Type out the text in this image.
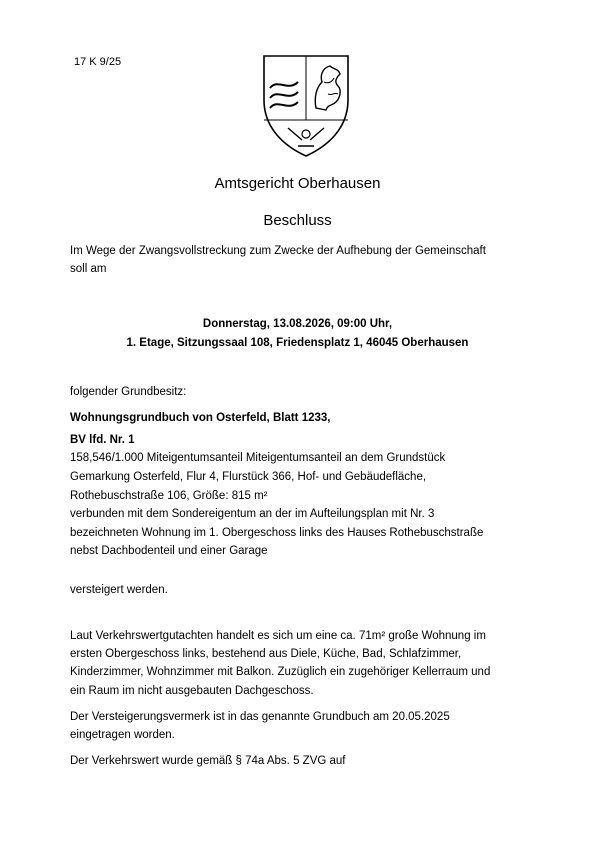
17 K 9/25
Amtsgericht Oberhausen
Beschluss
Im Wege der Zwangsvollstreckung zum Zwecke der Aufhebung der Gemeinschaft
soll am
Donnerstag, 13.08.2026, 09:00 Uhr,
1. Etage, Sitzungssaal 108, Friedensplatz 1, 46045 Oberhausen
folgender Grundbesitz:
Wohnungsgrundbuch von Osterfeld, Blatt 1233,
BV lfd. Nr. 1
158,546/1.000 Miteigentumsanteil Miteigentumsanteil an dem Grundstück
Gemarkung Osterfeld, Flur 4, Flurstück 366, Hof- und Gebäudefläche,
Rothebuschstraße 106, Größe: 815 m²
verbunden mit dem Sondereigentum an der im Aufteilungsplan mit Nr. 3
bezeichneten Wohnung im 1. Obergeschoss links des Hauses Rothebuschstraße
nebst Dachbodenteil und einer Garage
versteigert werden.
Laut Verkehrswertgutachten handelt es sich um eine ca. 71m² große Wohnung im
ersten Obergeschoss links, bestehend aus Diele, Küche, Bad, Schlafzimmer,
Kinderzimmer, Wohnzimmer mit Balkon. Zuzüglich ein zugehöriger Kellerraum und
ein Raum im nicht ausgebauten Dachgeschoss.
Der Versteigerungsvermerk ist in das genannte Grundbuch am 20.05.2025
eingetragen worden.
Der Verkehrswert wurde gemäß § 74a Abs. 5 ZVG auf
